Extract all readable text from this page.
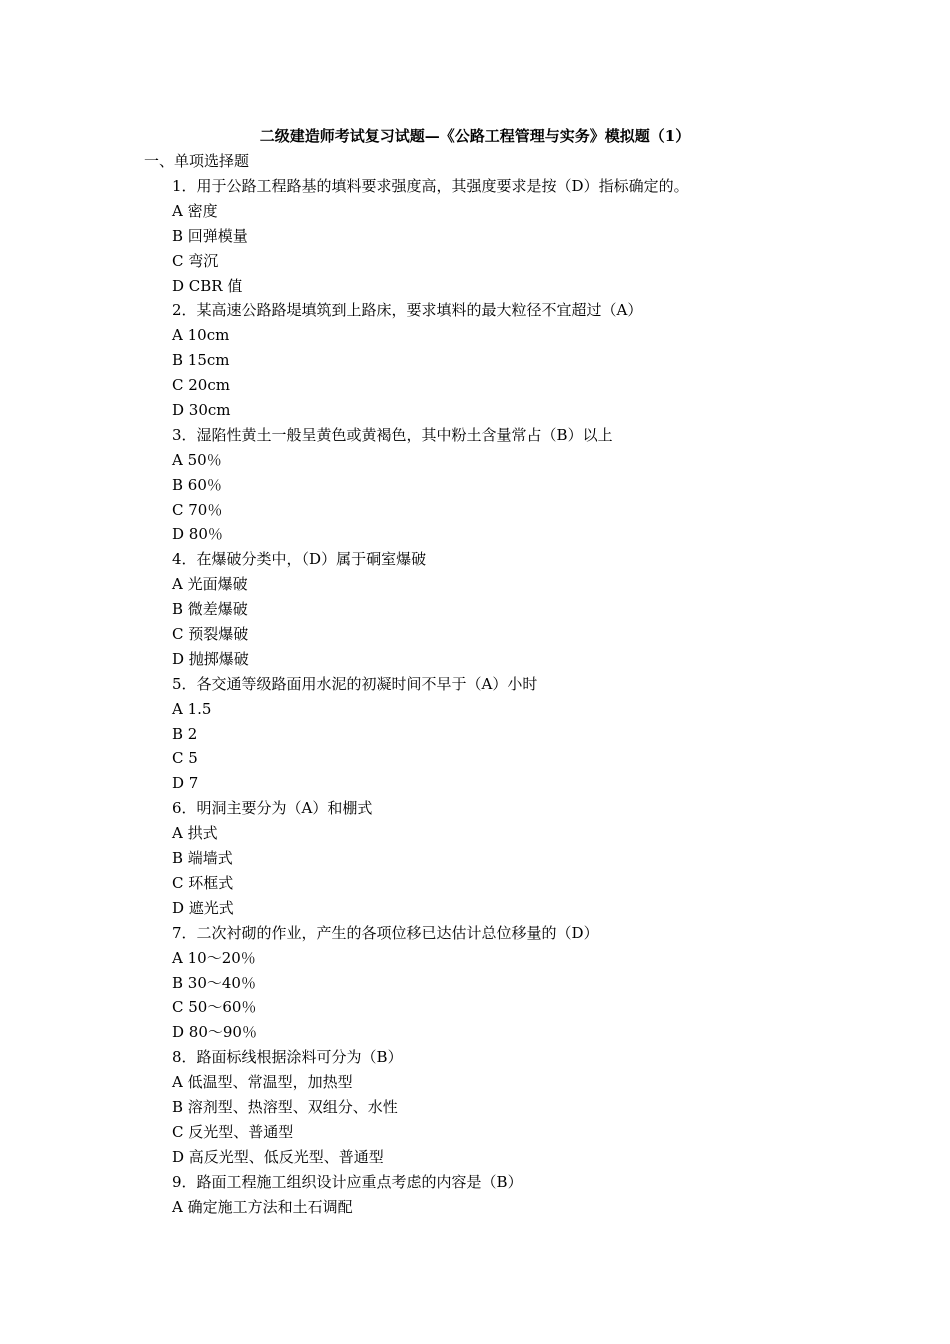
二级建造师考试复习试题—《公路工程管理与实务》模拟题（1）
一、单项选择题
1．用于公路工程路基的填料要求强度高，其强度要求是按（D）指标确定的。
A 密度
B 回弹模量
C 弯沉
D CBR 值
2．某高速公路路堤填筑到上路床，要求填料的最大粒径不宜超过（A）
A 10cm
B 15cm
C 20cm
D 30cm
3．湿陷性黄土一般呈黄色或黄褐色，其中粉土含量常占（B）以上
A 50％
B 60％
C 70％
D 80％
4．在爆破分类中，（D）属于硐室爆破
A 光面爆破
B 微差爆破
C 预裂爆破
D 抛掷爆破
5．各交通等级路面用水泥的初凝时间不早于（A）小时
A 1.5
B 2
C 5
D 7
6．明洞主要分为（A）和棚式
A 拱式
B 端墙式
C 环框式
D 遮光式
7．二次衬砌的作业，产生的各项位移已达估计总位移量的（D）
A 10～20％
B 30～40％
C 50～60％
D 80～90％
8．路面标线根据涂料可分为（B）
A 低温型、常温型，加热型
B 溶剂型、热溶型、双组分、水性
C 反光型、普通型
D 高反光型、低反光型、普通型
9．路面工程施工组织设计应重点考虑的内容是（B）
A 确定施工方法和土石调配
